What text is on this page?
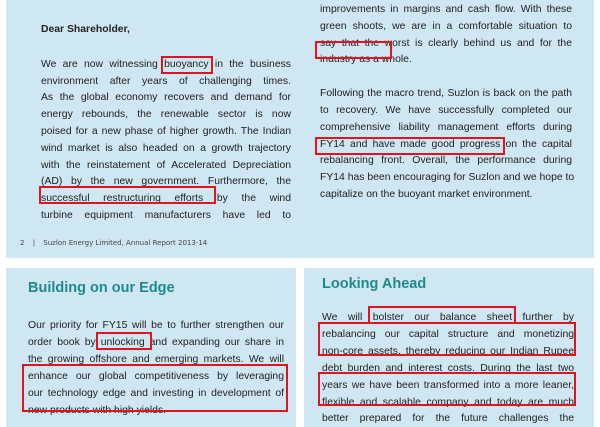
Dear Shareholder,

We are now witnessing buoyancy in the business
environment after years of challenging times.
As the global economy recovers and demand for
energy rebounds, the renewable sector is now
poised for a new phase of higher growth. The Indian
wind market is also headed on a growth trajectory
with the reinstatement of Accelerated Depreciation
(AD) by the new government. Furthermore, the
successful restructuring efforts by the wind
turbine equipment manufacturers have led to
improvements in margins and cash flow. With these
green shoots, we are in a comfortable situation to
say that the worst is clearly behind us and for the
industry as a whole.
Following the macro trend, Suzlon is back on the path
to recovery. We have successfully completed our
comprehensive liability management efforts during
FY14 and have made good progress on the capital
rebalancing front. Overall, the performance during
FY14 has been encouraging for Suzlon and we hope to
capitalize on the buoyant market environment.
2 | Suzlon Energy Limited, Annual Report 2013-14
Building on our Edge
Our priority for FY15 will be to further strengthen our
order book by unlocking and expanding our share in
the growing offshore and emerging markets. We will
enhance our global competitiveness by leveraging
our technology edge and investing in development of
new products with high yields.
Looking Ahead
We will bolster our balance sheet further by
rebalancing our capital structure and monetizing
non-core assets, thereby reducing our Indian Rupee
debt burden and interest costs. During the last two
years we have been transformed into a more leaner,
flexible and scalable company and today are much
better prepared for the future challenges the
